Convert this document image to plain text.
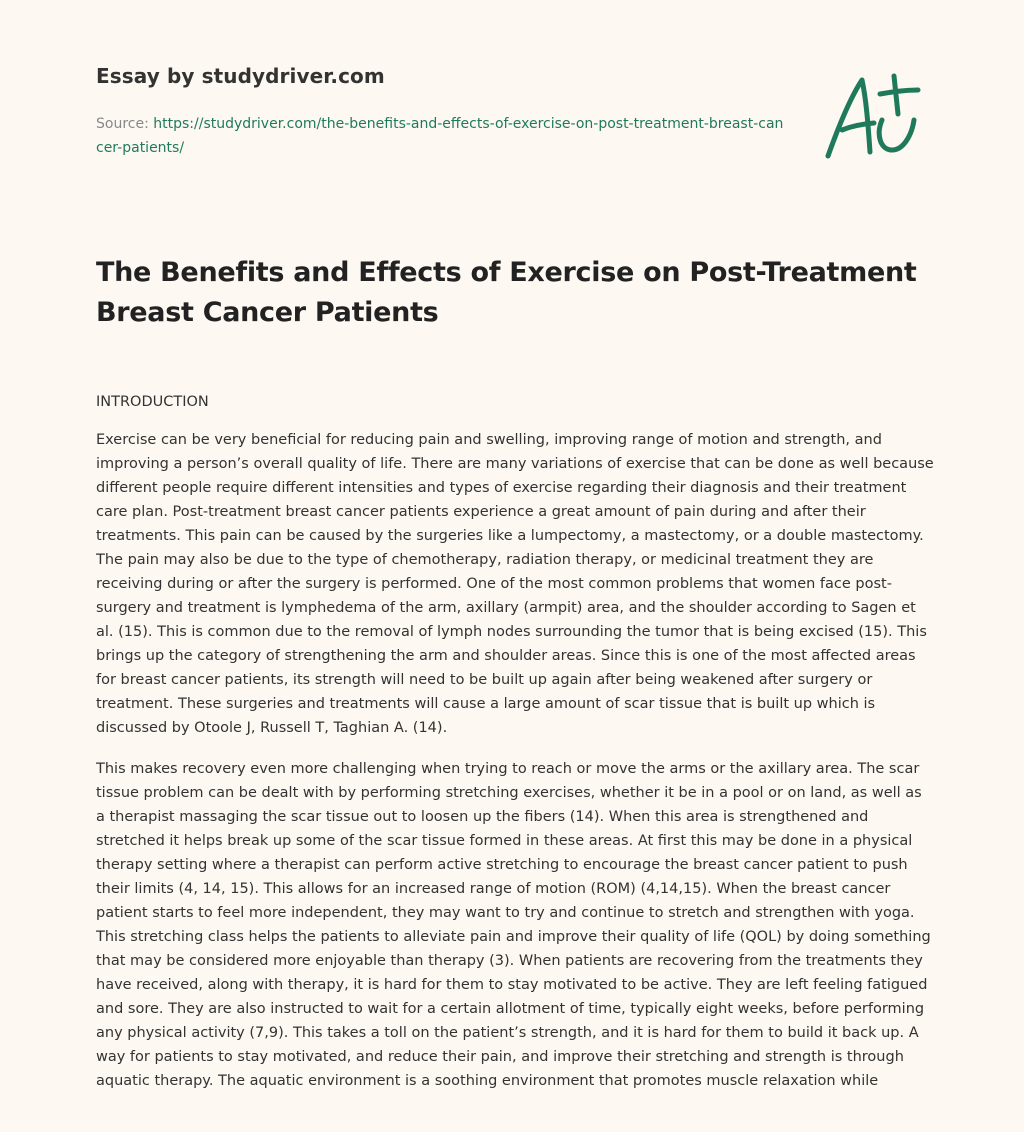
Essay by studydriver.com
Source: https://studydriver.com/the-benefits-and-effects-of-exercise-on-post-treatment-breast-cancer-patients/
The Benefits and Effects of Exercise on Post-Treatment Breast Cancer Patients
INTRODUCTION

Exercise can be very beneficial for reducing pain and swelling, improving range of motion and strength, and improving a person’s overall quality of life. There are many variations of exercise that can be done as well because different people require different intensities and types of exercise regarding their diagnosis and their treatment care plan. Post-treatment breast cancer patients experience a great amount of pain during and after their treatments. This pain can be caused by the surgeries like a lumpectomy, a mastectomy, or a double mastectomy. The pain may also be due to the type of chemotherapy, radiation therapy, or medicinal treatment they are receiving during or after the surgery is performed. One of the most common problems that women face post-surgery and treatment is lymphedema of the arm, axillary (armpit) area, and the shoulder according to Sagen et al. (15). This is common due to the removal of lymph nodes surrounding the tumor that is being excised (15). This brings up the category of strengthening the arm and shoulder areas. Since this is one of the most affected areas for breast cancer patients, its strength will need to be built up again after being weakened after surgery or treatment. These surgeries and treatments will cause a large amount of scar tissue that is built up which is discussed by Otoole J, Russell T, Taghian A. (14).

This makes recovery even more challenging when trying to reach or move the arms or the axillary area. The scar tissue problem can be dealt with by performing stretching exercises, whether it be in a pool or on land, as well as a therapist massaging the scar tissue out to loosen up the fibers (14). When this area is strengthened and stretched it helps break up some of the scar tissue formed in these areas. At first this may be done in a physical therapy setting where a therapist can perform active stretching to encourage the breast cancer patient to push their limits (4, 14, 15). This allows for an increased range of motion (ROM) (4,14,15). When the breast cancer patient starts to feel more independent, they may want to try and continue to stretch and strengthen with yoga. This stretching class helps the patients to alleviate pain and improve their quality of life (QOL) by doing something that may be considered more enjoyable than therapy (3). When patients are recovering from the treatments they have received, along with therapy, it is hard for them to stay motivated to be active. They are left feeling fatigued and sore. They are also instructed to wait for a certain allotment of time, typically eight weeks, before performing any physical activity (7,9). This takes a toll on the patient’s strength, and it is hard for them to build it back up. A way for patients to stay motivated, and reduce their pain, and improve their stretching and strength is through aquatic therapy. The aquatic environment is a soothing environment that promotes muscle relaxation while
